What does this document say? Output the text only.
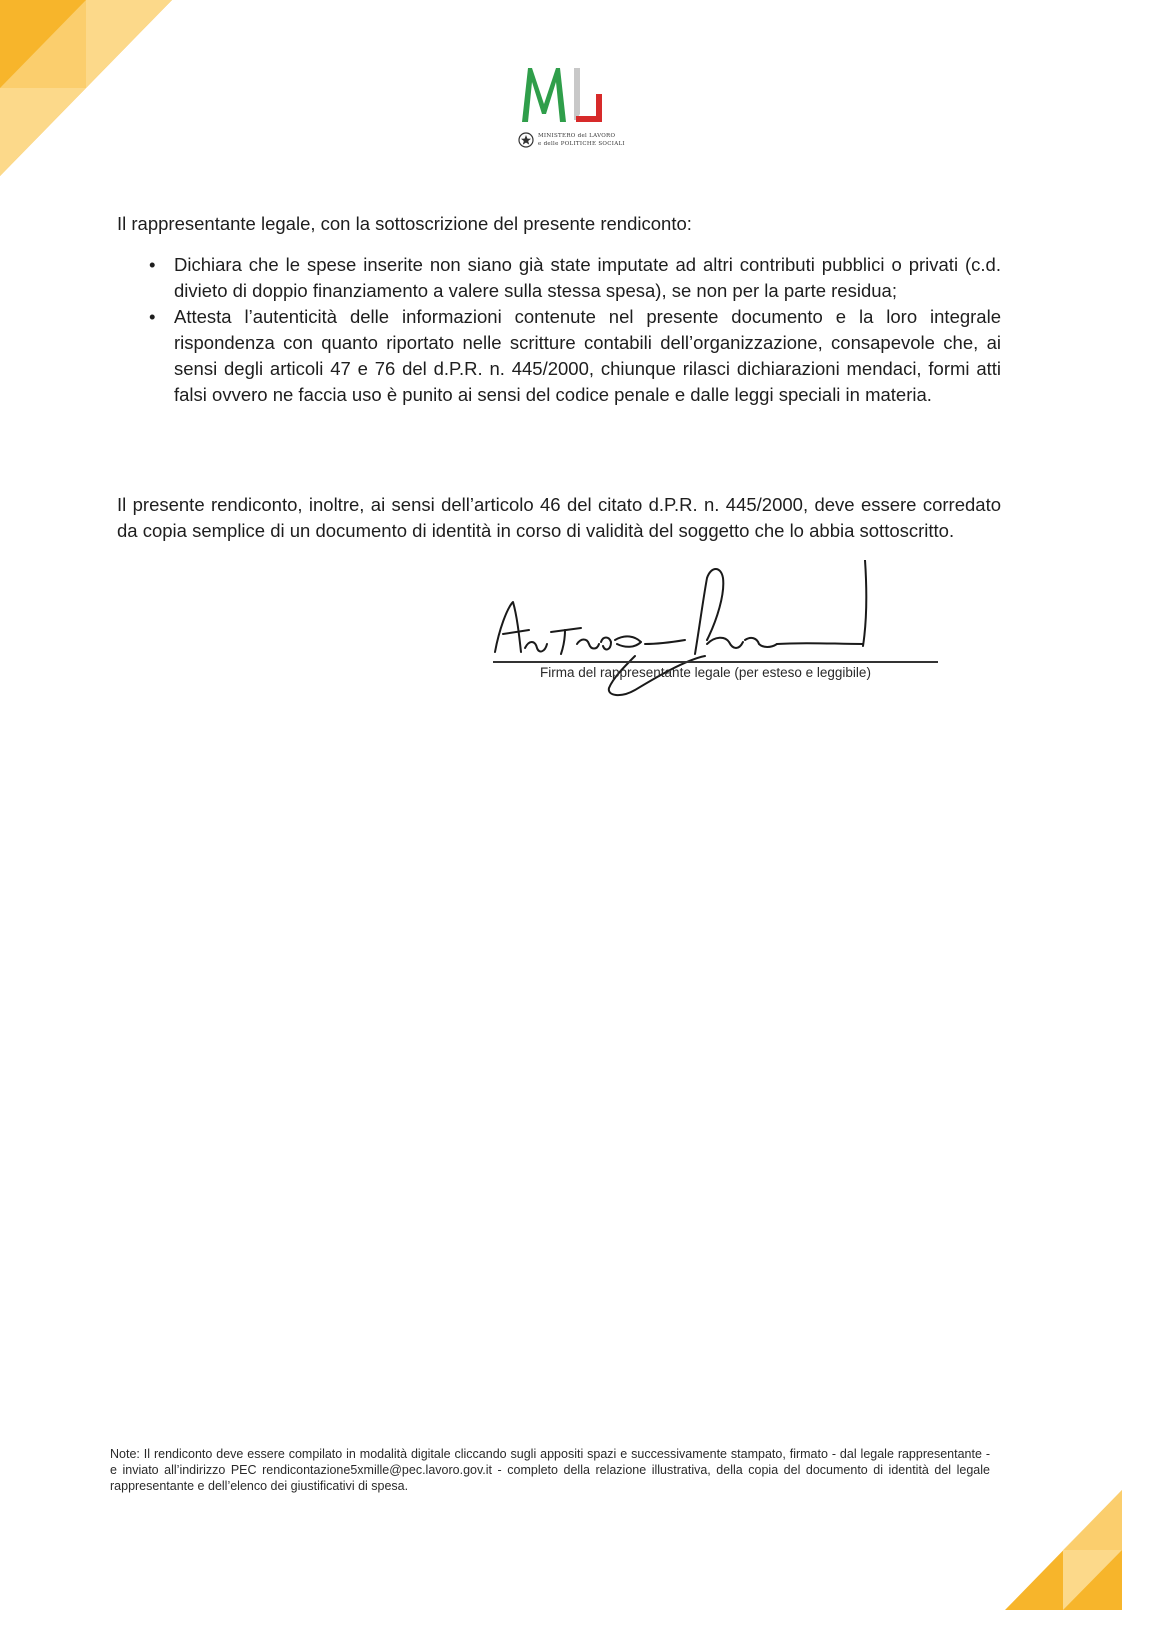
MINISTERO del LAVORO
e delle POLITICHE SOCIALI
Il rappresentante legale, con la sottoscrizione del presente rendiconto:
• Dichiara che le spese inserite non siano già state imputate ad altri contributi pubblici o privati (c.d. divieto di doppio finanziamento a valere sulla stessa spesa), se non per la parte residua;
• Attesta l’autenticità delle informazioni contenute nel presente documento e la loro integrale rispondenza con quanto riportato nelle scritture contabili dell’organizzazione, consapevole che, ai sensi degli articoli 47 e 76 del d.P.R. n. 445/2000, chiunque rilasci dichiarazioni mendaci, formi atti falsi ovvero ne faccia uso è punito ai sensi del codice penale e dalle leggi speciali in materia.
Il presente rendiconto, inoltre, ai sensi dell’articolo 46 del citato d.P.R. n. 445/2000, deve essere corredato da copia semplice di un documento di identità in corso di validità del soggetto che lo abbia sottoscritto.
Firma del rappresentante legale (per esteso e leggibile)
Note: Il rendiconto deve essere compilato in modalità digitale cliccando sugli appositi spazi e successivamente stampato, firmato - dal legale rappresentante - e inviato all’indirizzo PEC rendicontazione5xmille@pec.lavoro.gov.it - completo della relazione illustrativa, della copia del documento di identità del legale rappresentante e dell’elenco dei giustificativi di spesa.
